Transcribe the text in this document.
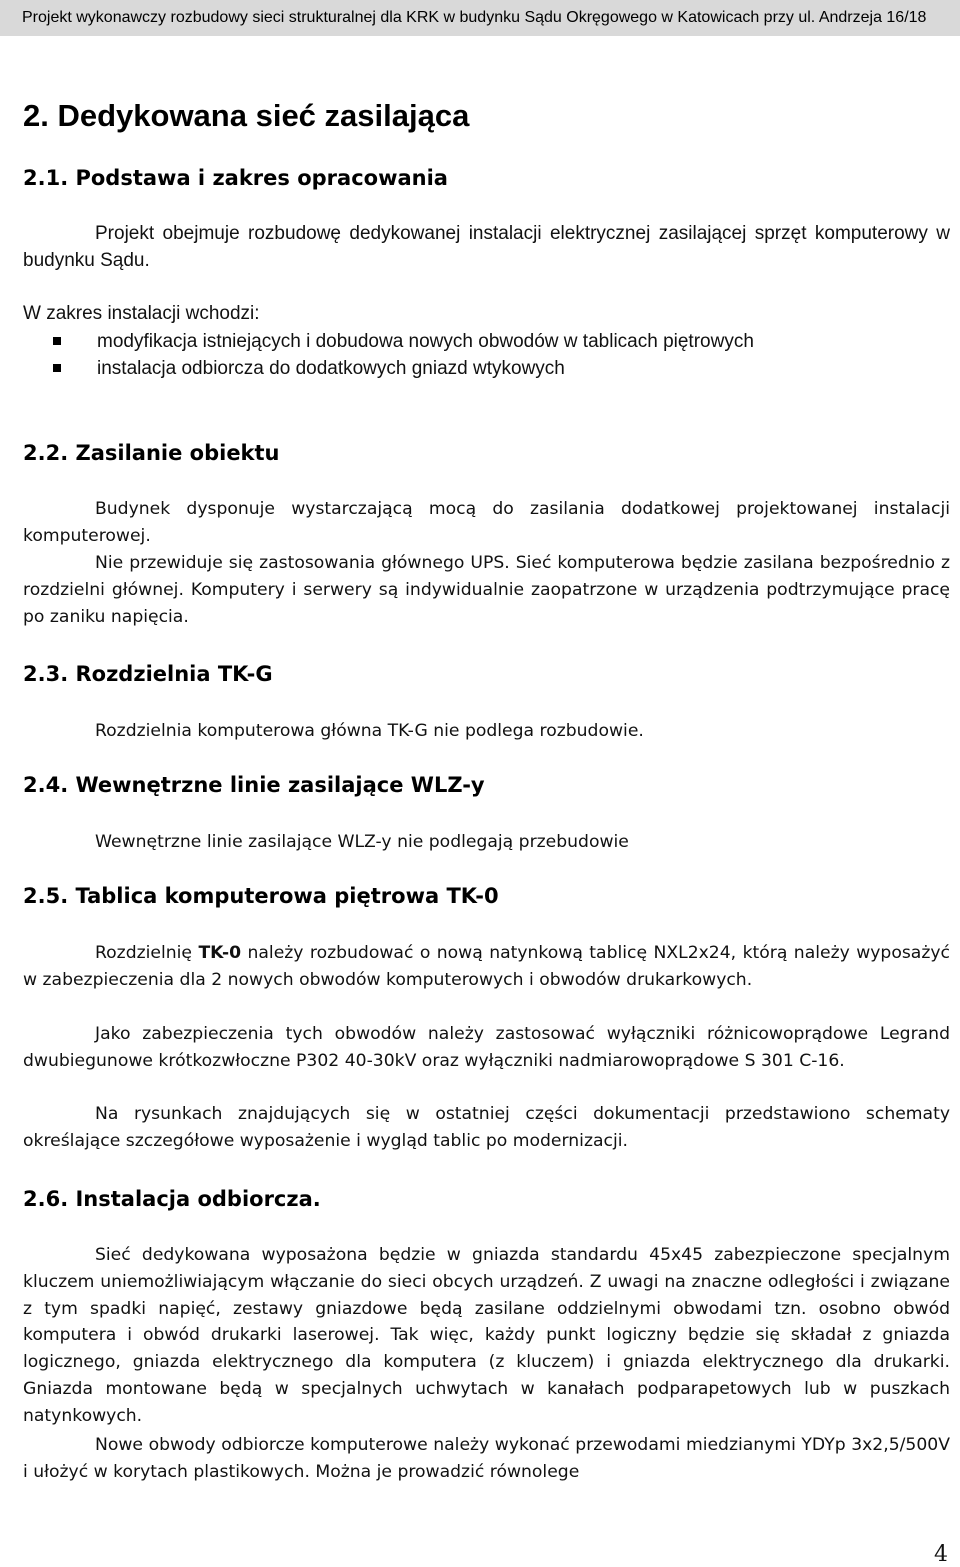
Projekt wykonawczy rozbudowy sieci strukturalnej dla KRK w budynku Sądu Okręgowego w Katowicach przy ul. Andrzeja 16/18
2. Dedykowana sieć zasilająca
2.1. Podstawa i zakres opracowania

Projekt obejmuje rozbudowę dedykowanej instalacji elektrycznej zasilającej sprzęt komputerowy w budynku Sądu.

W zakres instalacji wchodzi:

modyfikacja istniejących i dobudowa nowych obwodów w tablicach piętrowych
instalacja odbiorcza do dodatkowych gniazd wtykowych
2.2. Zasilanie obiektu

Budynek dysponuje wystarczającą mocą do zasilania dodatkowej projektowanej instalacji komputerowej.

Nie przewiduje się zastosowania głównego UPS. Sieć komputerowa będzie zasilana bezpośrednio z rozdzielni głównej. Komputery i serwery są indywidualnie zaopatrzone w urządzenia podtrzymujące pracę po zaniku napięcia.

2.3. Rozdzielnia TK-G

Rozdzielnia komputerowa główna TK-G nie podlega rozbudowie.

2.4. Wewnętrzne linie zasilające WLZ-y

Wewnętrzne linie zasilające WLZ-y nie podlegają przebudowie

2.5. Tablica komputerowa piętrowa TK-0

Rozdzielnię TK-0 należy rozbudować o nową natynkową tablicę NXL2x24, którą należy wyposażyć w zabezpieczenia dla 2 nowych obwodów komputerowych i obwodów drukarkowych.

Jako zabezpieczenia tych obwodów należy zastosować wyłączniki różnicowoprądowe Legrand dwubiegunowe krótkozwłoczne P302 40-30kV oraz wyłączniki nadmiarowoprądowe S 301 C-16.

Na rysunkach znajdujących się w ostatniej części dokumentacji przedstawiono schematy określające szczegółowe wyposażenie i wygląd tablic po modernizacji.

2.6. Instalacja odbiorcza.

Sieć dedykowana wyposażona będzie w gniazda standardu 45x45 zabezpieczone specjalnym kluczem uniemożliwiającym włączanie do sieci obcych urządzeń. Z uwagi na znaczne odległości i związane z tym spadki napięć, zestawy gniazdowe będą zasilane oddzielnymi obwodami tzn. osobno obwód komputera i obwód drukarki laserowej. Tak więc, każdy punkt logiczny będzie się składał z gniazda logicznego, gniazda elektrycznego dla komputera (z kluczem) i gniazda elektrycznego dla drukarki. Gniazda montowane będą w specjalnych uchwytach w kanałach podparapetowych lub w puszkach natynkowych.

Nowe obwody odbiorcze komputerowe należy wykonać przewodami miedzianymi YDYp 3x2,5/500V i ułożyć w korytach plastikowych. Można je prowadzić równolege

4
